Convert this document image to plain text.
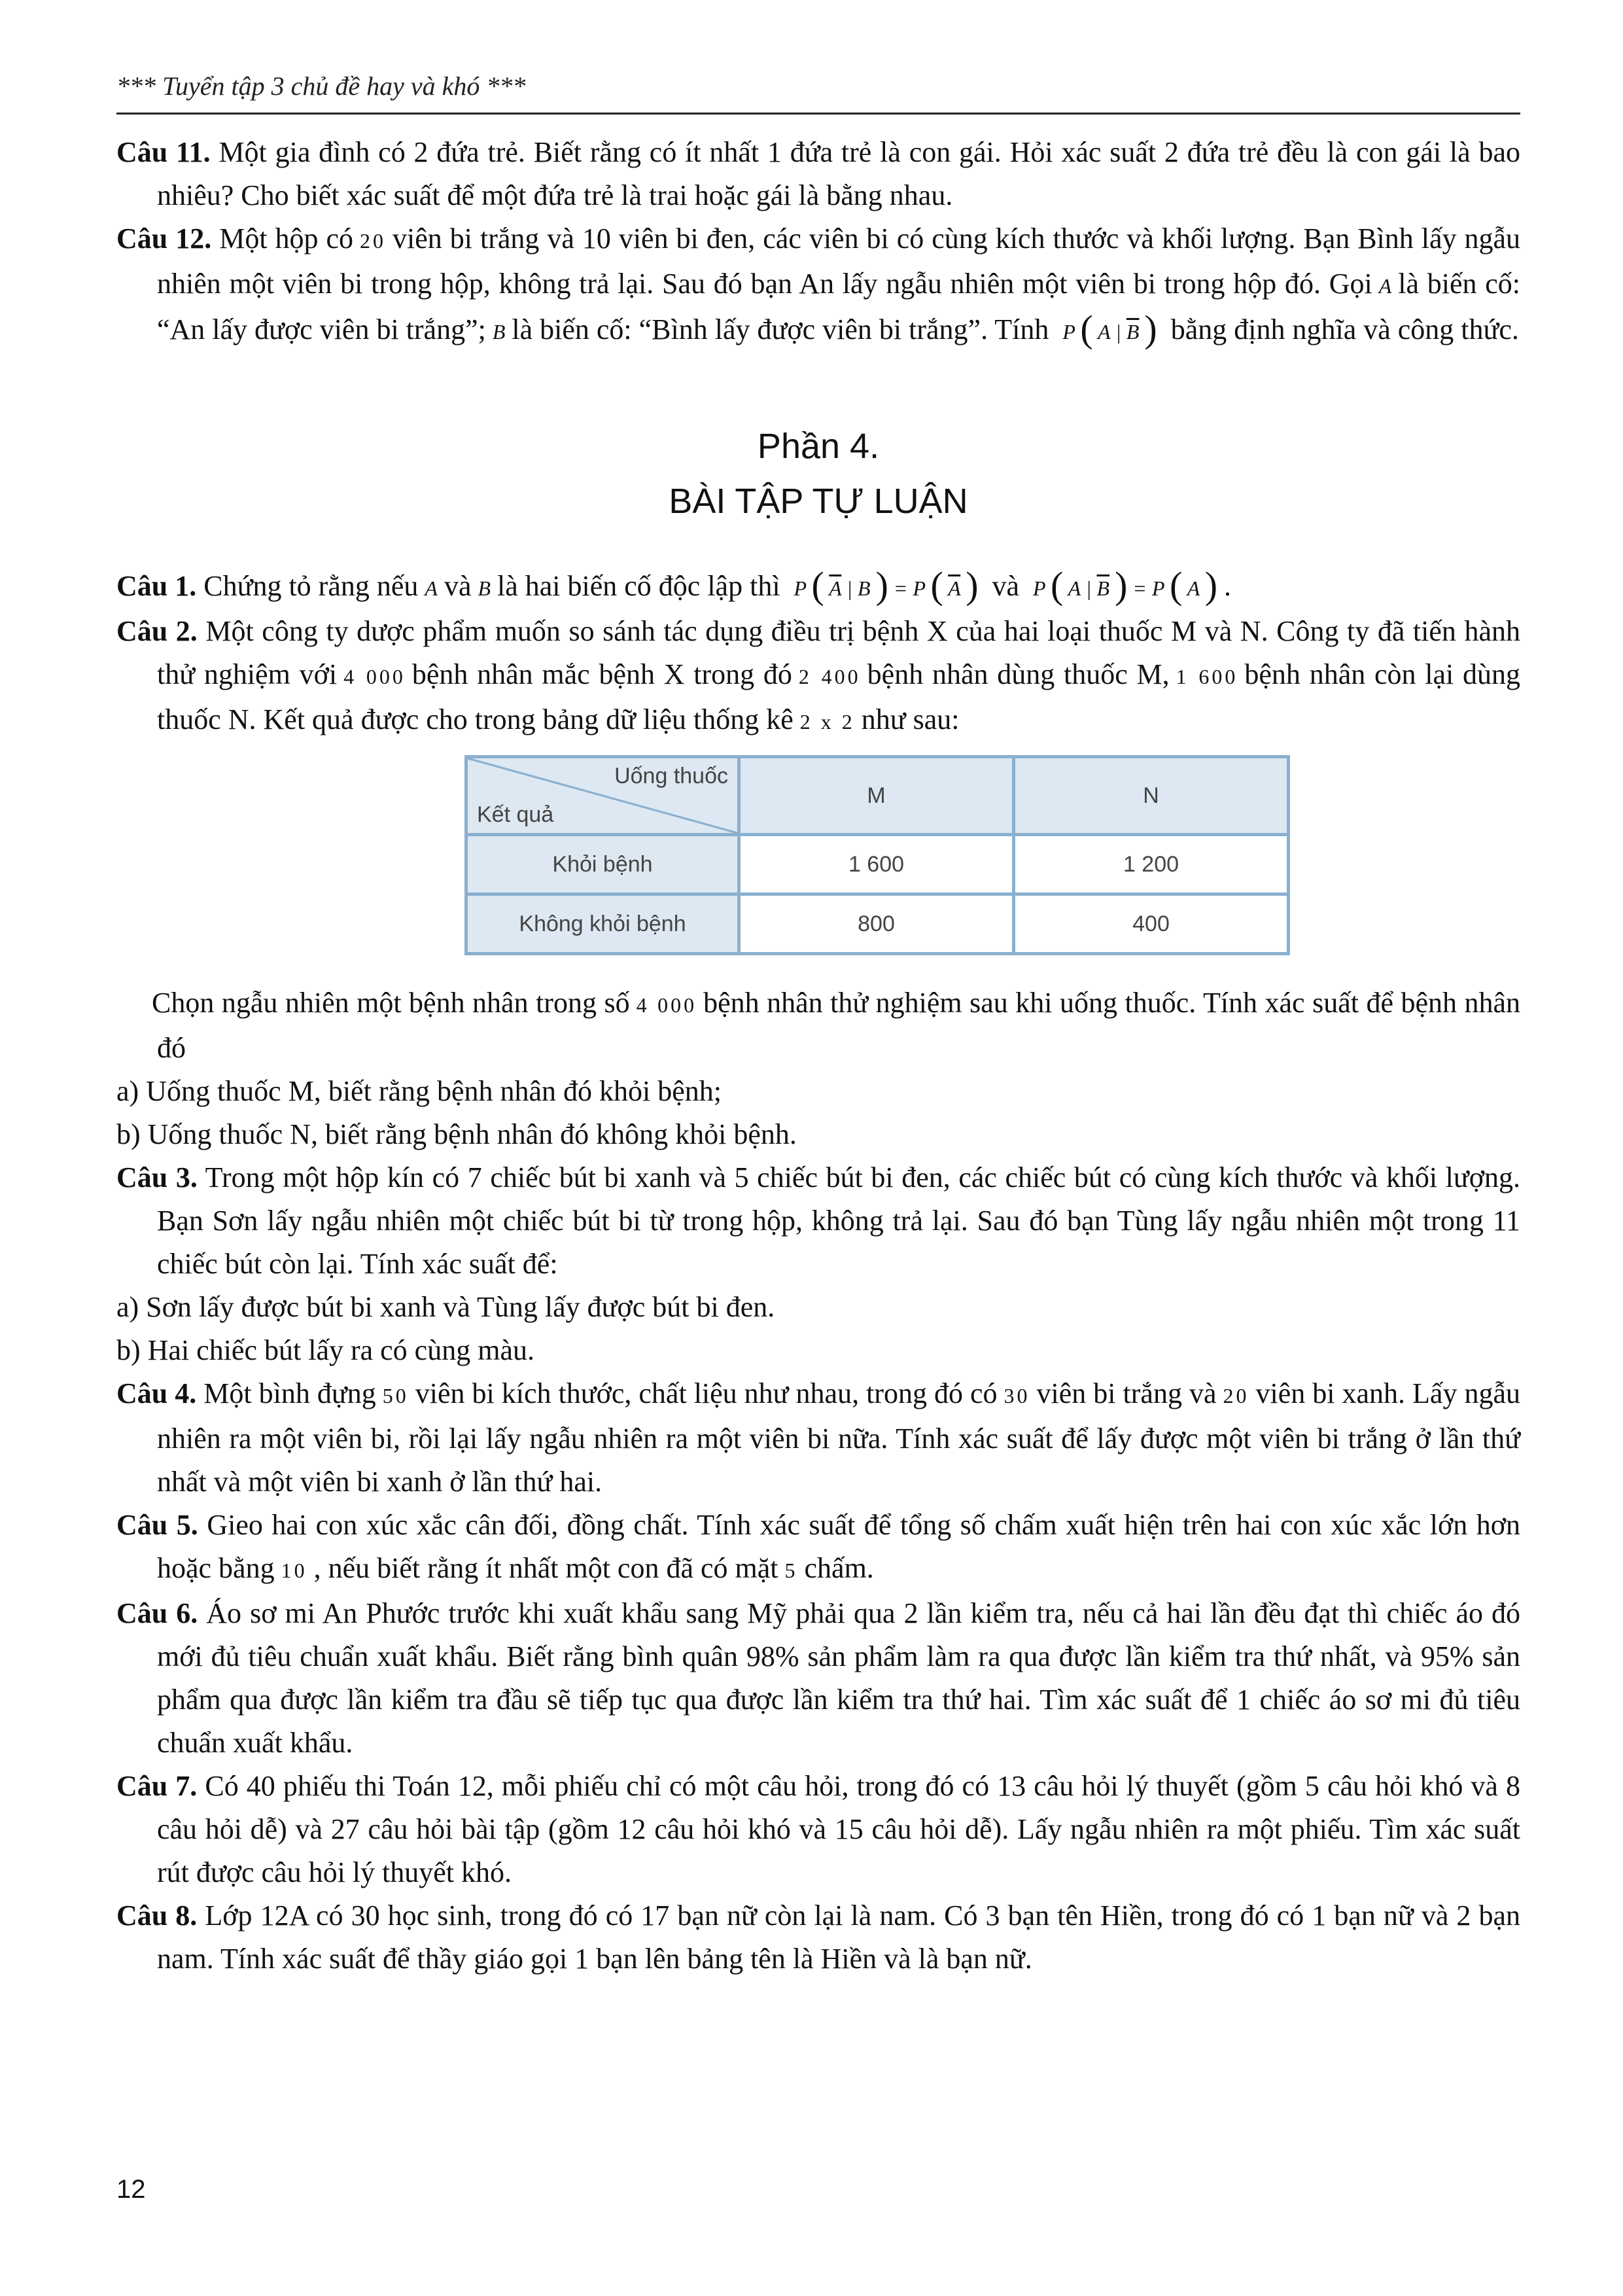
*** Tuyển tập 3 chủ đề hay và khó ***

Câu 11. Một gia đình có 2 đứa trẻ. Biết rằng có ít nhất 1 đứa trẻ là con gái. Hỏi xác suất 2 đứa trẻ đều là con gái là bao nhiêu? Cho biết xác suất để một đứa trẻ là trai hoặc gái là bằng nhau.

Câu 12. Một hộp có 20 viên bi trắng và 10 viên bi đen, các viên bi có cùng kích thước và khối lượng. Bạn Bình lấy ngẫu nhiên một viên bi trong hộp, không trả lại. Sau đó bạn An lấy ngẫu nhiên một viên bi trong hộp đó. Gọi A là biến cố: “An lấy được viên bi trắng”; B là biến cố: “Bình lấy được viên bi trắng”. Tính P ( A | $\overline{B}$ ) bằng định nghĩa và công thức.

Phần 4.

BÀI TẬP TỰ LUẬN

Câu 1. Chứng tỏ rằng nếu A và B là hai biến cố độc lập thì P ( $\overline{A}$ | B ) = P ( $\overline{A}$ ) và P ( A | $\overline{B}$ ) = P ( A ) .

Câu 2. Một công ty dược phẩm muốn so sánh tác dụng điều trị bệnh X của hai loại thuốc M và N. Công ty đã tiến hành thử nghiệm với 4 000 bệnh nhân mắc bệnh X trong đó 2 400 bệnh nhân dùng thuốc M, 1 600 bệnh nhân còn lại dùng thuốc N. Kết quả được cho trong bảng dữ liệu thống kê 2 x 2 như sau:

Uống thuốc
Kết quả	M	N
Khỏi bệnh	1 600	1 200
Không khỏi bệnh	800	400

Chọn ngẫu nhiên một bệnh nhân trong số 4 000 bệnh nhân thử nghiệm sau khi uống thuốc. Tính xác suất để bệnh nhân đó

a) Uống thuốc M, biết rằng bệnh nhân đó khỏi bệnh;

b) Uống thuốc N, biết rằng bệnh nhân đó không khỏi bệnh.

Câu 3. Trong một hộp kín có 7 chiếc bút bi xanh và 5 chiếc bút bi đen, các chiếc bút có cùng kích thước và khối lượng. Bạn Sơn lấy ngẫu nhiên một chiếc bút bi từ trong hộp, không trả lại. Sau đó bạn Tùng lấy ngẫu nhiên một trong 11 chiếc bút còn lại. Tính xác suất để:

a) Sơn lấy được bút bi xanh và Tùng lấy được bút bi đen.

b) Hai chiếc bút lấy ra có cùng màu.

Câu 4. Một bình đựng 50 viên bi kích thước, chất liệu như nhau, trong đó có 30 viên bi trắng và 20 viên bi xanh. Lấy ngẫu nhiên ra một viên bi, rồi lại lấy ngẫu nhiên ra một viên bi nữa. Tính xác suất để lấy được một viên bi trắng ở lần thứ nhất và một viên bi xanh ở lần thứ hai.

Câu 5. Gieo hai con xúc xắc cân đối, đồng chất. Tính xác suất để tổng số chấm xuất hiện trên hai con xúc xắc lớn hơn hoặc bằng 10 , nếu biết rằng ít nhất một con đã có mặt 5 chấm.

Câu 6. Áo sơ mi An Phước trước khi xuất khẩu sang Mỹ phải qua 2 lần kiểm tra, nếu cả hai lần đều đạt thì chiếc áo đó mới đủ tiêu chuẩn xuất khẩu. Biết rằng bình quân 98% sản phẩm làm ra qua được lần kiểm tra thứ nhất, và 95% sản phẩm qua được lần kiểm tra đầu sẽ tiếp tục qua được lần kiểm tra thứ hai. Tìm xác suất để 1 chiếc áo sơ mi đủ tiêu chuẩn xuất khẩu.

Câu 7. Có 40 phiếu thi Toán 12, mỗi phiếu chỉ có một câu hỏi, trong đó có 13 câu hỏi lý thuyết (gồm 5 câu hỏi khó và 8 câu hỏi dễ) và 27 câu hỏi bài tập (gồm 12 câu hỏi khó và 15 câu hỏi dễ). Lấy ngẫu nhiên ra một phiếu. Tìm xác suất rút được câu hỏi lý thuyết khó.

Câu 8. Lớp 12A có 30 học sinh, trong đó có 17 bạn nữ còn lại là nam. Có 3 bạn tên Hiền, trong đó có 1 bạn nữ và 2 bạn nam. Tính xác suất để thầy giáo gọi 1 bạn lên bảng tên là Hiền và là bạn nữ.

12
